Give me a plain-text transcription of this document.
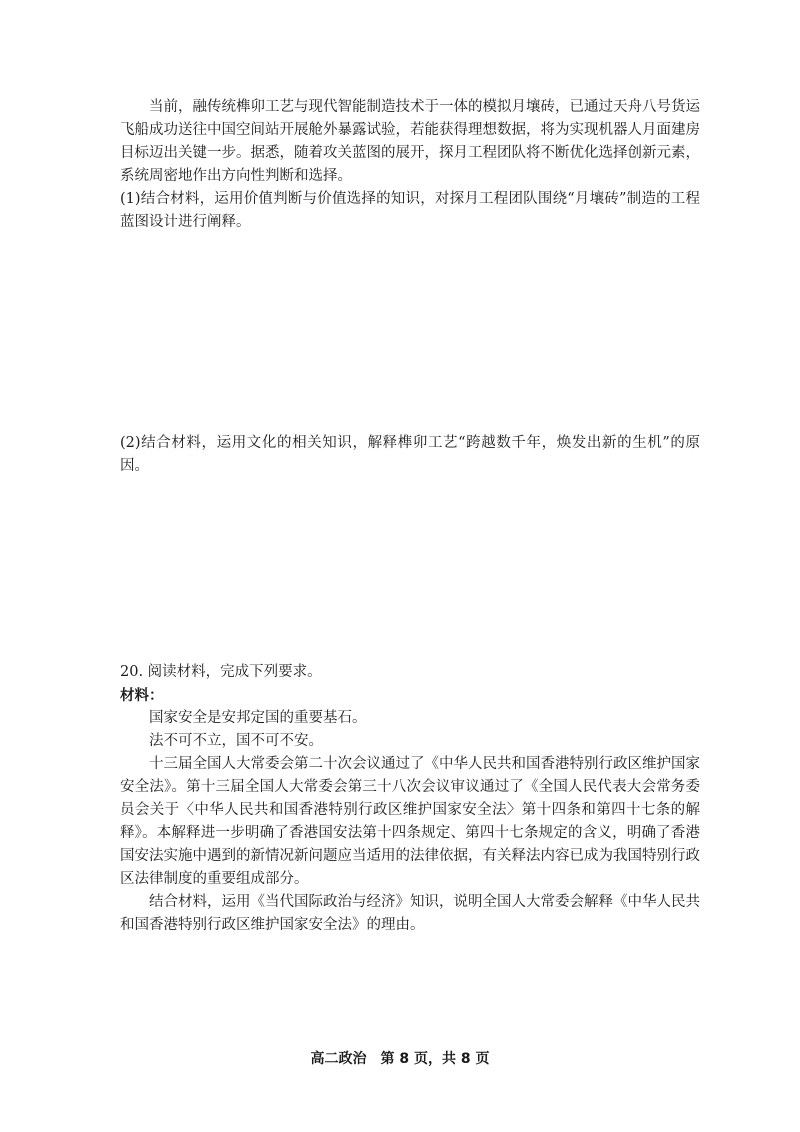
当前，融传统榫卯工艺与现代智能制造技术于一体的模拟月壤砖，已通过天舟八号货运飞船成功送往中国空间站开展舱外暴露试验，若能获得理想数据，将为实现机器人月面建房目标迈出关键一步。据悉，随着攻关蓝图的展开，探月工程团队将不断优化选择创新元素，系统周密地作出方向性判断和选择。

(1)结合材料，运用价值判断与价值选择的知识，对探月工程团队围绕“月壤砖”制造的工程蓝图设计进行阐释。

(2)结合材料，运用文化的相关知识，解释榫卯工艺“跨越数千年，焕发出新的生机”的原因。

20. 阅读材料，完成下列要求。

材料：

国家安全是安邦定国的重要基石。

法不可不立，国不可不安。

十三届全国人大常委会第二十次会议通过了《中华人民共和国香港特别行政区维护国家安全法》。第十三届全国人大常委会第三十八次会议审议通过了《全国人民代表大会常务委员会关于〈中华人民共和国香港特别行政区维护国家安全法〉第十四条和第四十七条的解释》。本解释进一步明确了香港国安法第十四条规定、第四十七条规定的含义，明确了香港国安法实施中遇到的新情况新问题应当适用的法律依据，有关释法内容已成为我国特别行政区法律制度的重要组成部分。

结合材料，运用《当代国际政治与经济》知识，说明全国人大常委会解释《中华人民共和国香港特别行政区维护国家安全法》的理由。

高二政治　第 8 页，共 8 页
